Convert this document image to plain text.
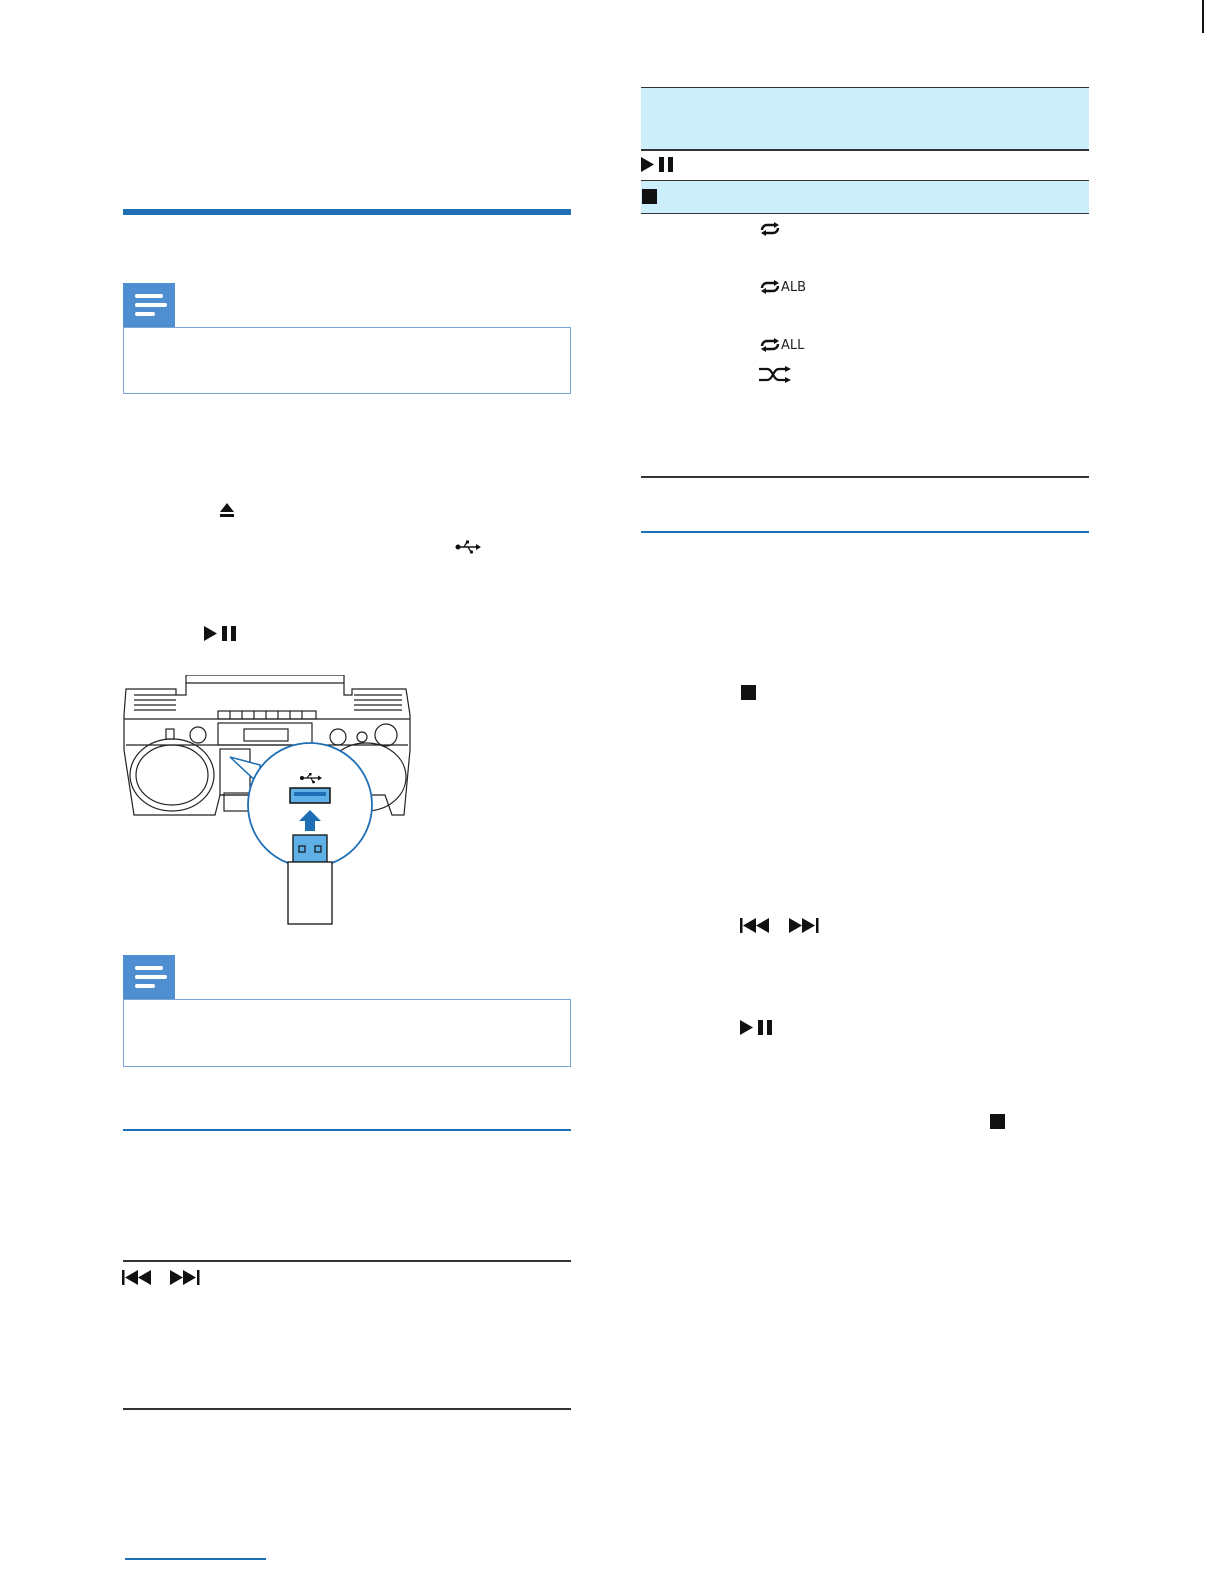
ALB
ALL
